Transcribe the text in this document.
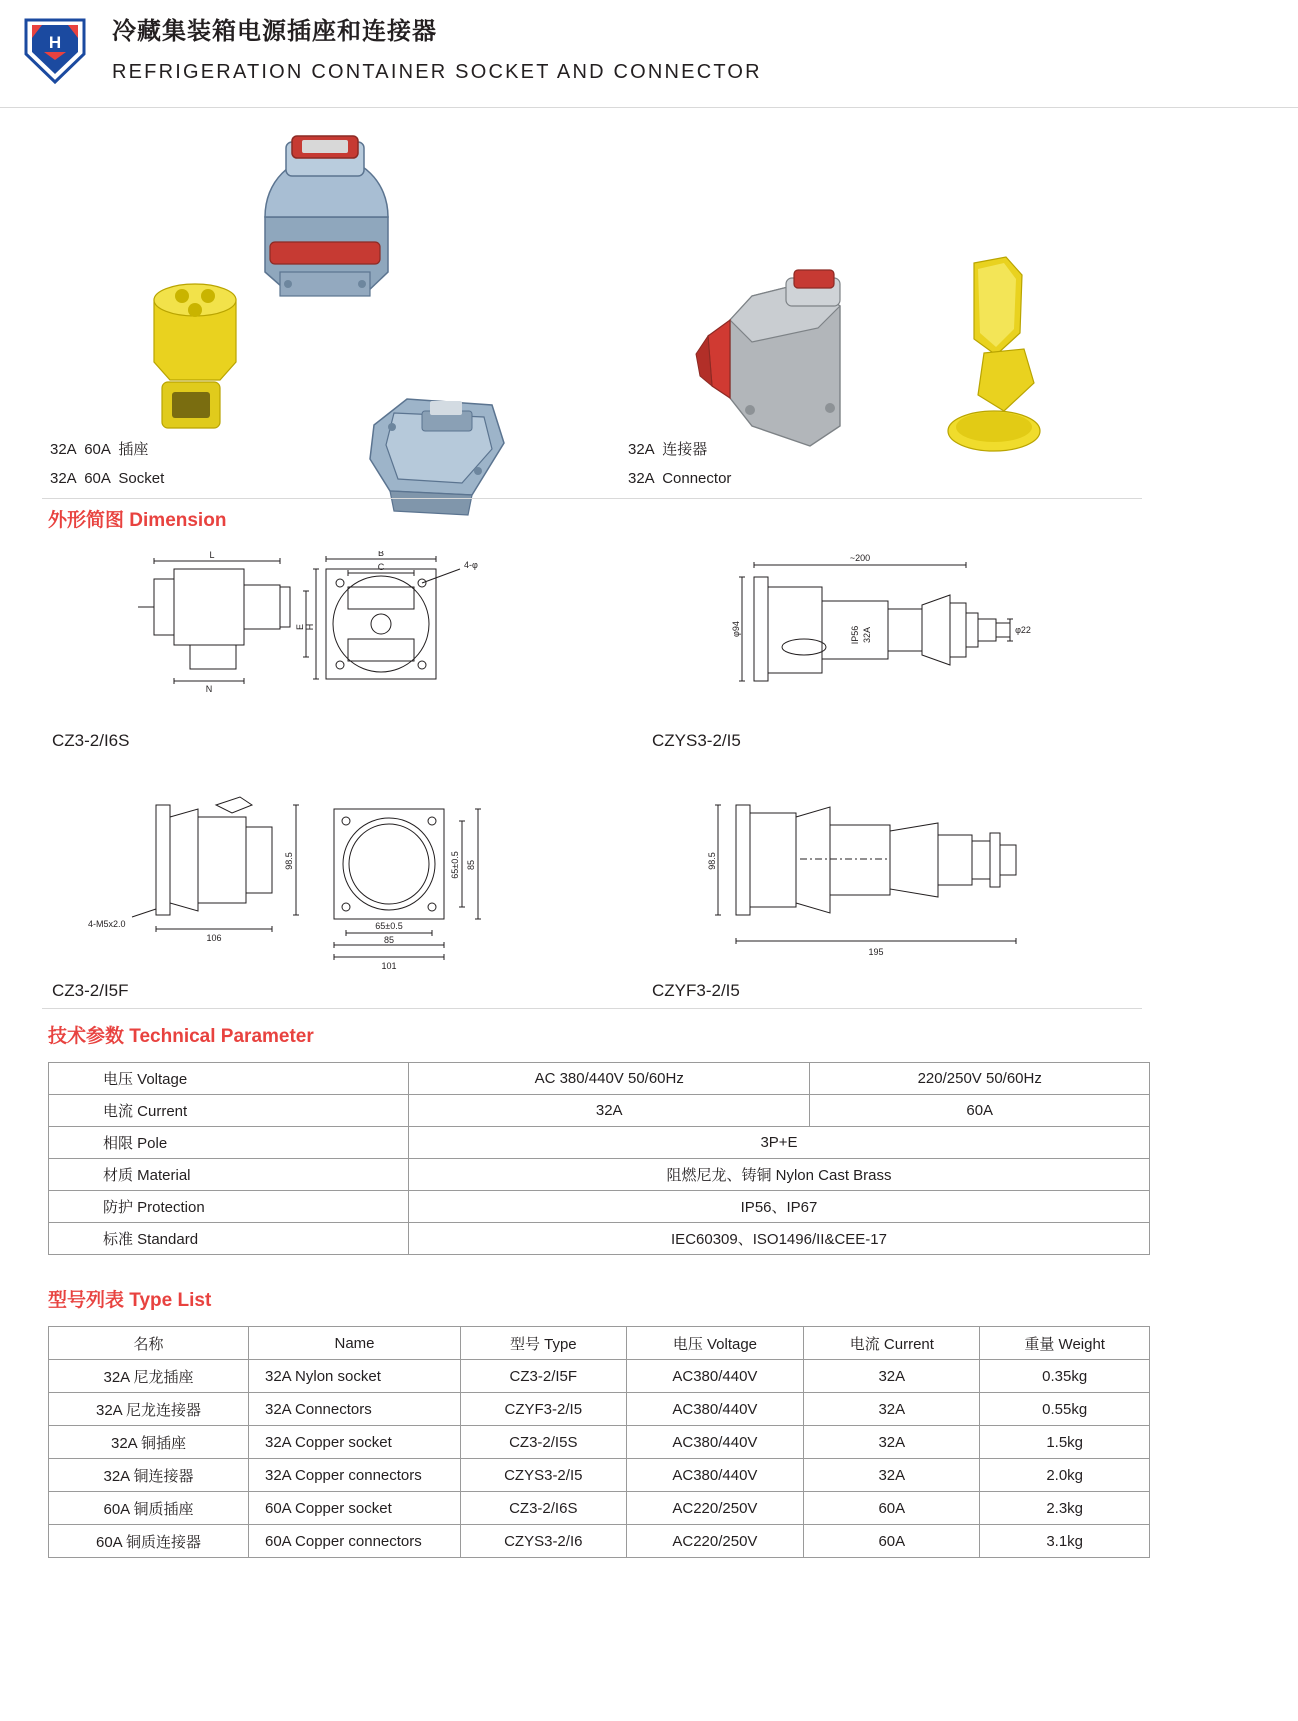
H 冷藏集装箱电源插座和连接器
REFRIGERATION CONTAINER SOCKET AND CONNECTOR
32A  60A  插座
32A  60A  Socket
32A  连接器
32A  Connector
外形简图 Dimension
L
N
B
C	4-φ
H
E
CZ3-2/I6S
~200
φ94	IP56 32A	φ22
CZYS3-2/I5
98.5
106
4-M5x2.0	65±0.5
85
101
65±0.5 85
CZ3-2/I5F
98.5
195
CZYF3-2/I5
技术参数 Technical Parameter
电压 Voltage	AC 380/440V 50/60Hz	220/250V 50/60Hz
电流 Current	32A	60A
相限 Pole	3P+E	
材质 Material	阻燃尼龙、铸铜 Nylon Cast Brass	
防护 Protection	IP56、IP67	
标准 Standard	IEC60309、ISO1496/II&CEE-17	
型号列表 Type List
名称	Name	型号 Type	电压 Voltage	电流 Current	重量 Weight
32A 尼龙插座	32A Nylon socket	CZ3-2/I5F	AC380/440V	32A	0.35kg
32A 尼龙连接器	32A Connectors	CZYF3-2/I5	AC380/440V	32A	0.55kg
32A 铜插座	32A Copper socket	CZ3-2/I5S	AC380/440V	32A	1.5kg
32A 铜连接器	32A Copper connectors	CZYS3-2/I5	AC380/440V	32A	2.0kg
60A 铜质插座	60A Copper socket	CZ3-2/I6S	AC220/250V	60A	2.3kg
60A 铜质连接器	60A Copper connectors	CZYS3-2/I6	AC220/250V	60A	3.1kg
